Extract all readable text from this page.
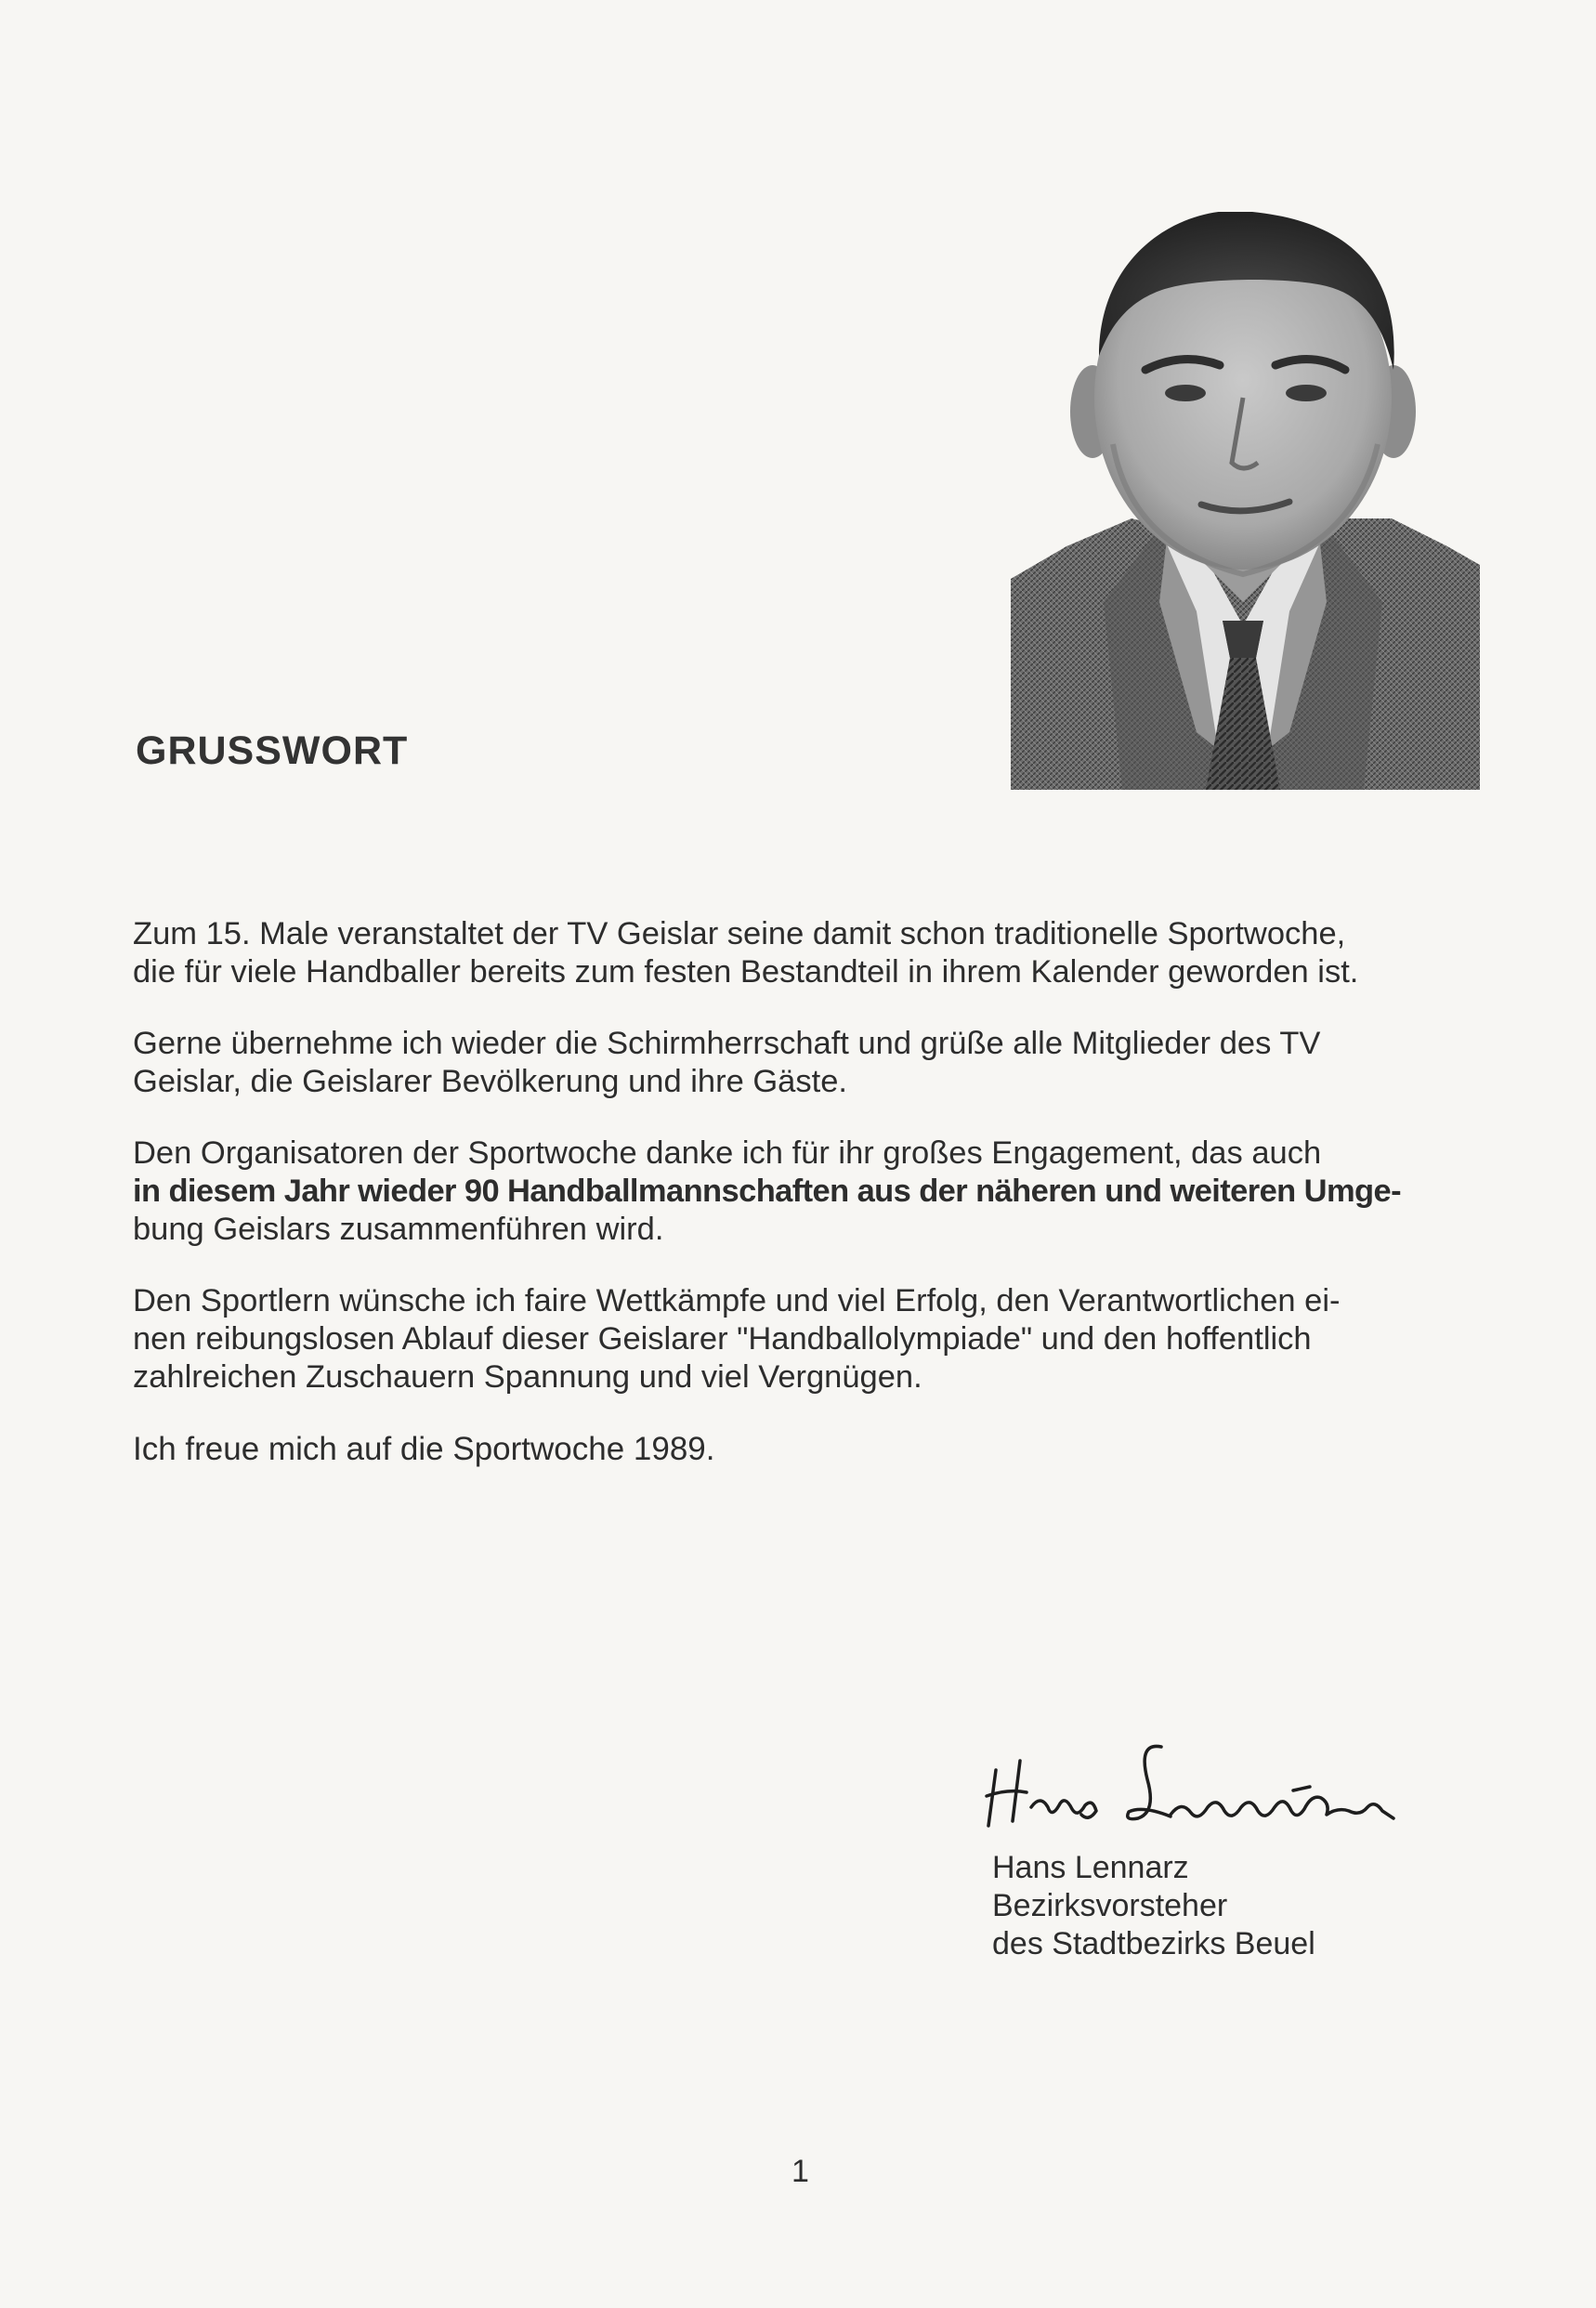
GRUSSWORT

Zum 15. Male veranstaltet der TV Geislar seine damit schon traditionelle Sportwoche,
die für viele Handballer bereits zum festen Bestandteil in ihrem Kalender geworden ist.

Gerne übernehme ich wieder die Schirmherrschaft und grüße alle Mitglieder des TV
Geislar, die Geislarer Bevölkerung und ihre Gäste.

Den Organisatoren der Sportwoche danke ich für ihr großes Engagement, das auch
in diesem Jahr wieder 90 Handballmannschaften aus der näheren und weiteren Umge-
bung Geislars zusammenführen wird.

Den Sportlern wünsche ich faire Wettkämpfe und viel Erfolg, den Verantwortlichen ei-
nen reibungslosen Ablauf dieser Geislarer "Handballolympiade" und den hoffentlich
zahlreichen Zuschauern Spannung und viel Vergnügen.

Ich freue mich auf die Sportwoche 1989.

Hans Lennarz
Bezirksvorsteher
des Stadtbezirks Beuel
1
